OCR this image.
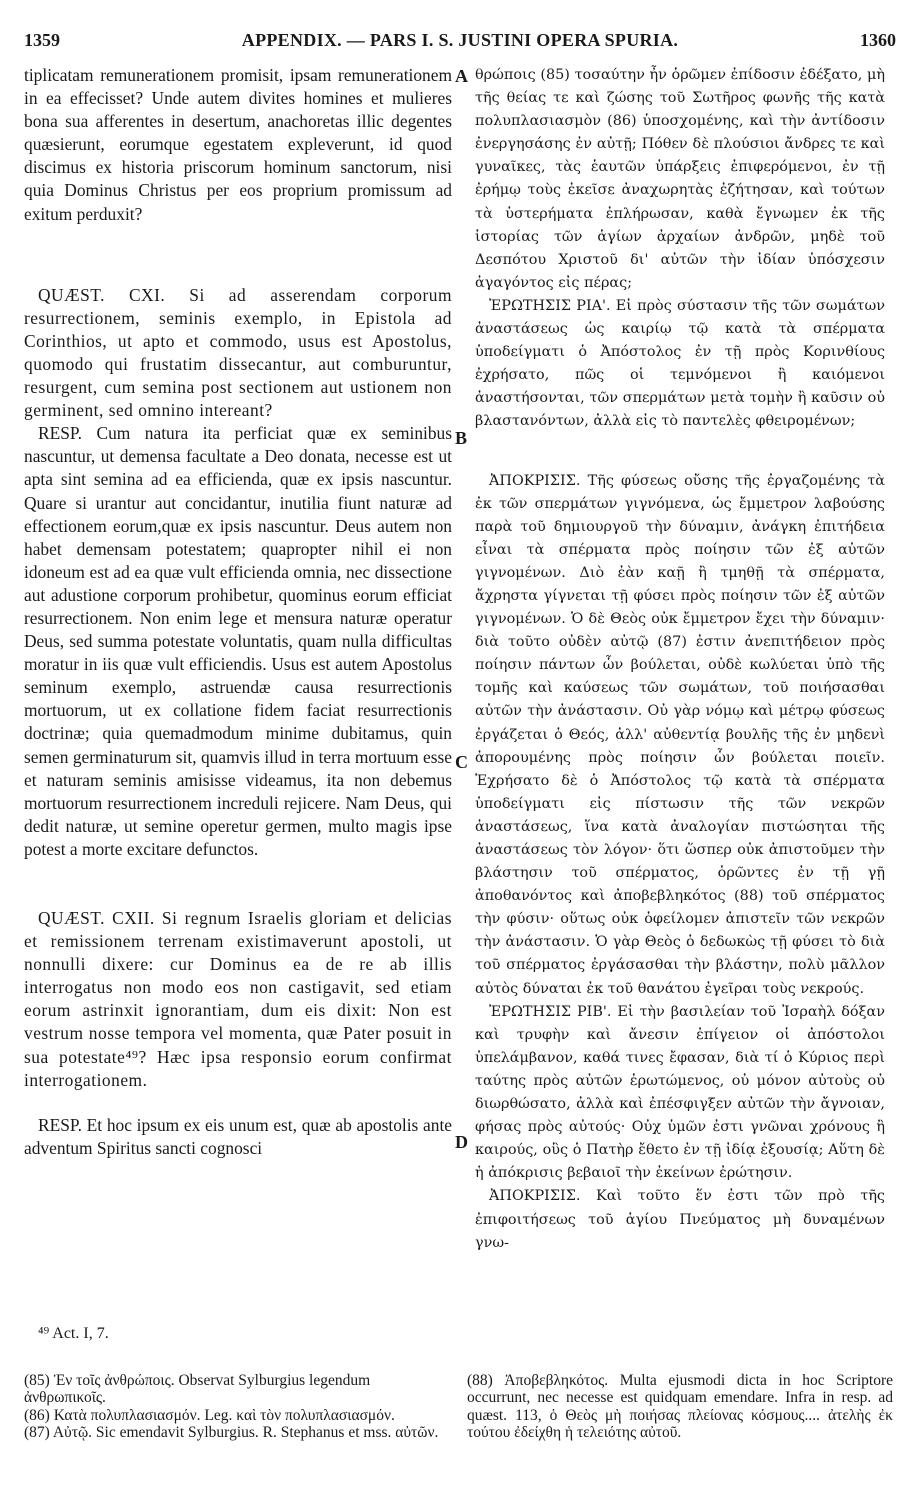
1359	APPENDIX. — PARS I. S. JUSTINI OPERA SPURIA.	1360

tiplicatam remunerationem promisit, ipsam remunerationem in ea effecisset? Unde autem divites homines et mulieres bona sua afferentes in desertum, anachoretas illic degentes quæsierunt, eorumque egestatem expleverunt, id quod discimus ex historia priscorum hominum sanctorum, nisi quia Dominus Christus per eos proprium promissum ad exitum perduxit?

QUÆST. CXI. Si ad asserendam corporum resurrectionem, seminis exemplo, in Epistola ad Corinthios, ut apto et commodo, usus est Apostolus, quomodo qui frustatim dissecantur, aut comburuntur, resurgent, cum semina post sectionem aut ustionem non germinent, sed omnino intereant?

RESP. Cum natura ita perficiat quæ ex seminibus nascuntur, ut demensa facultate a Deo donata, necesse est ut apta sint semina ad ea efficienda, quæ ex ipsis nascuntur. Quare si urantur aut concidantur, inutilia fiunt naturæ ad effectionem eorum,quæ ex ipsis nascuntur. Deus autem non habet demensam potestatem; quapropter nihil ei non idoneum est ad ea quæ vult efficienda omnia, nec dissectione aut adustione corporum prohibetur, quominus eorum efficiat resurrectionem. Non enim lege et mensura naturæ operatur Deus, sed summa potestate voluntatis, quam nulla difficultas moratur in iis quæ vult efficiendis. Usus est autem Apostolus seminum exemplo, astruendæ causa resurrectionis mortuorum, ut ex collatione fidem faciat resurrectionis doctrinæ; quia quemadmodum minime dubitamus, quin semen germinaturum sit, quamvis illud in terra mortuum esse et naturam seminis amisisse videamus, ita non debemus mortuorum resurrectionem increduli rejicere. Nam Deus, qui dedit naturæ, ut semine operetur germen, multo magis ipse potest a morte excitare defunctos.

QUÆST. CXII. Si regnum Israelis gloriam et delicias et remissionem terrenam existimaverunt apostoli, ut nonnulli dixere: cur Dominus ea de re ab illis interrogatus non modo eos non castigavit, sed etiam eorum astrinxit ignorantiam, dum eis dixit: Non est vestrum nosse tempora vel momenta, quæ Pater posuit in sua potestate⁴⁹? Hæc ipsa responsio eorum confirmat interrogationem.

RESP. Et hoc ipsum ex eis unum est, quæ ab apostolis ante adventum Spiritus sancti cognosci

θρώποις (85) τοσαύτην ἦν ὁρῶμεν ἐπίδοσιν ἐδέξατο, μὴ τῆς θείας τε καὶ ζώσης τοῦ Σωτῆρος φωνῆς τῆς κατὰ πολυπλασιασμὸν (86) ὑποσχομένης, καὶ τὴν ἀντίδοσιν ἐνεργησάσης ἐν αὐτῇ; Πόθεν δὲ πλούσιοι ἄνδρες τε καὶ γυναῖκες, τὰς ἑαυτῶν ὑπάρξεις ἐπιφερόμενοι, ἐν τῇ ἐρήμῳ τοὺς ἐκεῖσε ἀναχωρητὰς ἐζήτησαν, καὶ τούτων τὰ ὑστερήματα ἐπλήρωσαν, καθὰ ἔγνωμεν ἐκ τῆς ἱστορίας τῶν ἁγίων ἀρχαίων ἀνδρῶν, μηδὲ τοῦ Δεσπότου Χριστοῦ δι' αὐτῶν τὴν ἰδίαν ὑπόσχεσιν ἀγαγόντος εἰς πέρας;

ἘΡΩΤΗΣΙΣ ΡΙΑ'. Εἰ πρὸς σύστασιν τῆς τῶν σωμάτων ἀναστάσεως ὡς καιρίῳ τῷ κατὰ τὰ σπέρματα ὑποδείγματι ὁ Ἀπόστολος ἐν τῇ πρὸς Κορινθίους ἐχρήσατο, πῶς οἱ τεμνόμενοι ἢ καιόμενοι ἀναστήσονται, τῶν σπερμάτων μετὰ τομὴν ἢ καῦσιν οὐ βλαστανόντων, ἀλλὰ εἰς τὸ παντελὲς φθειρομένων;

ἈΠΟΚΡΙΣΙΣ. Τῆς φύσεως οὔσης τῆς ἐργαζομένης τὰ ἐκ τῶν σπερμάτων γιγνόμενα, ὡς ἔμμετρον λαβούσης παρὰ τοῦ δημιουργοῦ τὴν δύναμιν, ἀνάγκη ἐπιτήδεια εἶναι τὰ σπέρματα πρὸς ποίησιν τῶν ἐξ αὐτῶν γιγνομένων. Διὸ ἐὰν καῇ ἢ τμηθῇ τὰ σπέρματα, ἄχρηστα γίγνεται τῇ φύσει πρὸς ποίησιν τῶν ἐξ αὐτῶν γιγνομένων. Ὁ δὲ Θεὸς οὐκ ἔμμετρον ἔχει τὴν δύναμιν· διὰ τοῦτο οὐδὲν αὐτῷ (87) ἐστιν ἀνεπιτήδειον πρὸς ποίησιν πάντων ὧν βούλεται, οὐδὲ κωλύεται ὑπὸ τῆς τομῆς καὶ καύσεως τῶν σωμάτων, τοῦ ποιήσασθαι αὐτῶν τὴν ἀνάστασιν. Οὐ γὰρ νόμῳ καὶ μέτρῳ φύσεως ἐργάζεται ὁ Θεός, ἀλλ' αὐθεντίᾳ βουλῆς τῆς ἐν μηδενὶ ἀπορουμένης πρὸς ποίησιν ὧν βούλεται ποιεῖν. Ἐχρήσατο δὲ ὁ Ἀπόστολος τῷ κατὰ τὰ σπέρματα ὑποδείγματι εἰς πίστωσιν τῆς τῶν νεκρῶν ἀναστάσεως, ἵνα κατὰ ἀναλογίαν πιστώσηται τῆς ἀναστάσεως τὸν λόγον· ὅτι ὥσπερ οὐκ ἀπιστοῦμεν τὴν βλάστησιν τοῦ σπέρματος, ὁρῶντες ἐν τῇ γῇ ἀποθανόντος καὶ ἀποβεβληκότος (88) τοῦ σπέρματος τὴν φύσιν· οὕτως οὐκ ὀφείλομεν ἀπιστεῖν τῶν νεκρῶν τὴν ἀνάστασιν. Ὁ γὰρ Θεὸς ὁ δεδωκὼς τῇ φύσει τὸ διὰ τοῦ σπέρματος ἐργάσασθαι τὴν βλάστην, πολὺ μᾶλλον αὐτὸς δύναται ἐκ τοῦ θανάτου ἐγεῖραι τοὺς νεκρούς.

ἘΡΩΤΗΣΙΣ ΡΙΒ'. Εἰ τὴν βασιλείαν τοῦ Ἰσραὴλ δόξαν καὶ τρυφὴν καὶ ἄνεσιν ἐπίγειον οἱ ἀπόστολοι ὑπελάμβανον, καθά τινες ἔφασαν, διὰ τί ὁ Κύριος περὶ ταύτης πρὸς αὐτῶν ἐρωτώμενος, οὐ μόνον αὐτοὺς οὐ διωρθώσατο, ἀλλὰ καὶ ἐπέσφιγξεν αὐτῶν τὴν ἄγνοιαν, φήσας πρὸς αὐτούς· Οὐχ ὑμῶν ἐστι γνῶναι χρόνους ἢ καιρούς, οὓς ὁ Πατὴρ ἔθετο ἐν τῇ ἰδίᾳ ἐξουσίᾳ; Αὕτη δὲ ἡ ἀπόκρισις βεβαιοῖ τὴν ἐκείνων ἐρώτησιν.

ἈΠΟΚΡΙΣΙΣ. Καὶ τοῦτο ἕν ἐστι τῶν πρὸ τῆς ἐπιφοιτήσεως τοῦ ἁγίου Πνεύματος μὴ δυναμένων γνω-

A
B
C
D
⁴⁹ Act. I, 7.

(85) Ἐν τοῖς ἀνθρώποις. Observat Sylburgius legendum ἀνθρωπικοῖς.

(86) Κατὰ πολυπλασιασμόν. Leg. καὶ τὸν πολυπλασιασμόν.

(87) Αὐτῷ. Sic emendavit Sylburgius. R. Stephanus et mss. αὐτῶν.

(88) Ἀποβεβληκότος. Multa ejusmodi dicta in hoc Scriptore occurrunt, nec necesse est quidquam emendare. Infra in resp. ad quæst. 113, ὁ Θεὸς μὴ ποιήσας πλείονας κόσμους.... ἀτελὴς ἐκ τούτου ἐδείχθη ἡ τελειότης αὐτοῦ.
